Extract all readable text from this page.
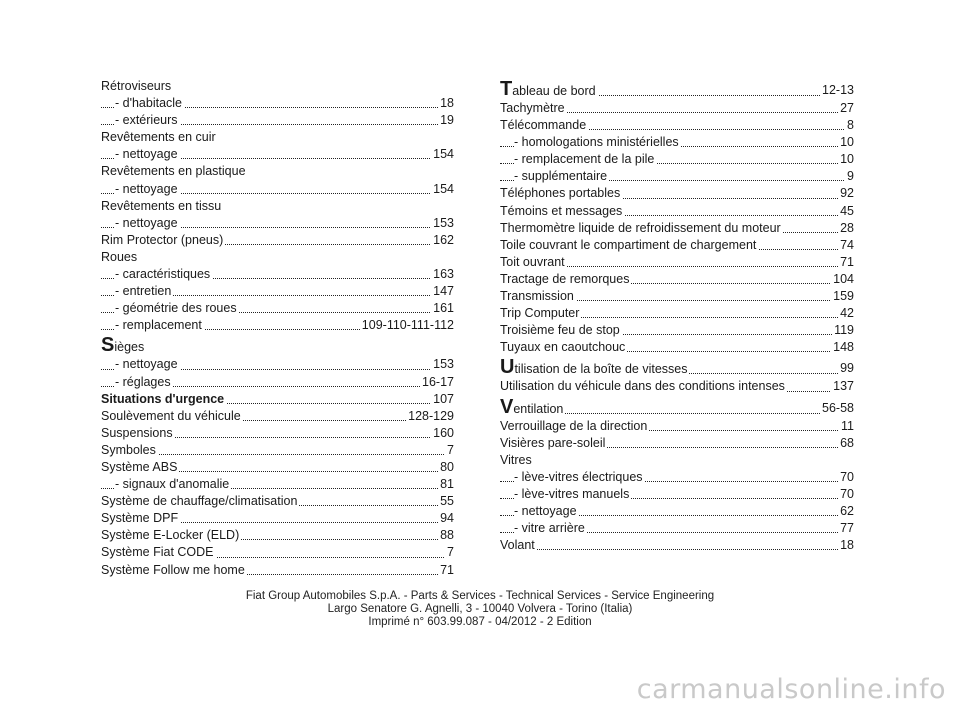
Rétroviseurs
- d'habitacle	18
- extérieurs	19
Revêtements en cuir
- nettoyage	154
Revêtements en plastique
- nettoyage	154
Revêtements en tissu
- nettoyage	153
Rim Protector (pneus)	162
Roues
- caractéristiques	163
- entretien	147
- géométrie des roues	161
- remplacement	109-110-111-112
Sièges
- nettoyage	153
- réglages	16-17
Situations d'urgence	107
Soulèvement du véhicule	128-129
Suspensions	160
Symboles	7
Système ABS	80
- signaux d'anomalie	81
Système de chauffage/climatisation	55
Système DPF	94
Système E-Locker (ELD)	88
Système Fiat CODE	7
Système Follow me home	71
Tableau de bord	12-13
Tachymètre	27
Télécommande	8
- homologations ministérielles	10
- remplacement de la pile	10
- supplémentaire	9
Téléphones portables	92
Témoins et messages	45
Thermomètre liquide de refroidissement du moteur	28
Toile couvrant le compartiment de chargement	74
Toit ouvrant	71
Tractage de remorques	104
Transmission	159
Trip Computer	42
Troisième feu de stop	119
Tuyaux en caoutchouc	148
Utilisation de la boîte de vitesses	99
Utilisation du véhicule dans des conditions intenses	137
Ventilation	56-58
Verrouillage de la direction	11
Visières pare-soleil	68
Vitres
- lève-vitres électriques	70
- lève-vitres manuels	70
- nettoyage	62
- vitre arrière	77
Volant	18
Fiat Group Automobiles S.p.A. - Parts & Services - Technical Services - Service Engineering
Largo Senatore G. Agnelli, 3 - 10040 Volvera - Torino (Italia)
Imprimé n° 603.99.087 - 04/2012 - 2 Edition
carmanualsonline.info
